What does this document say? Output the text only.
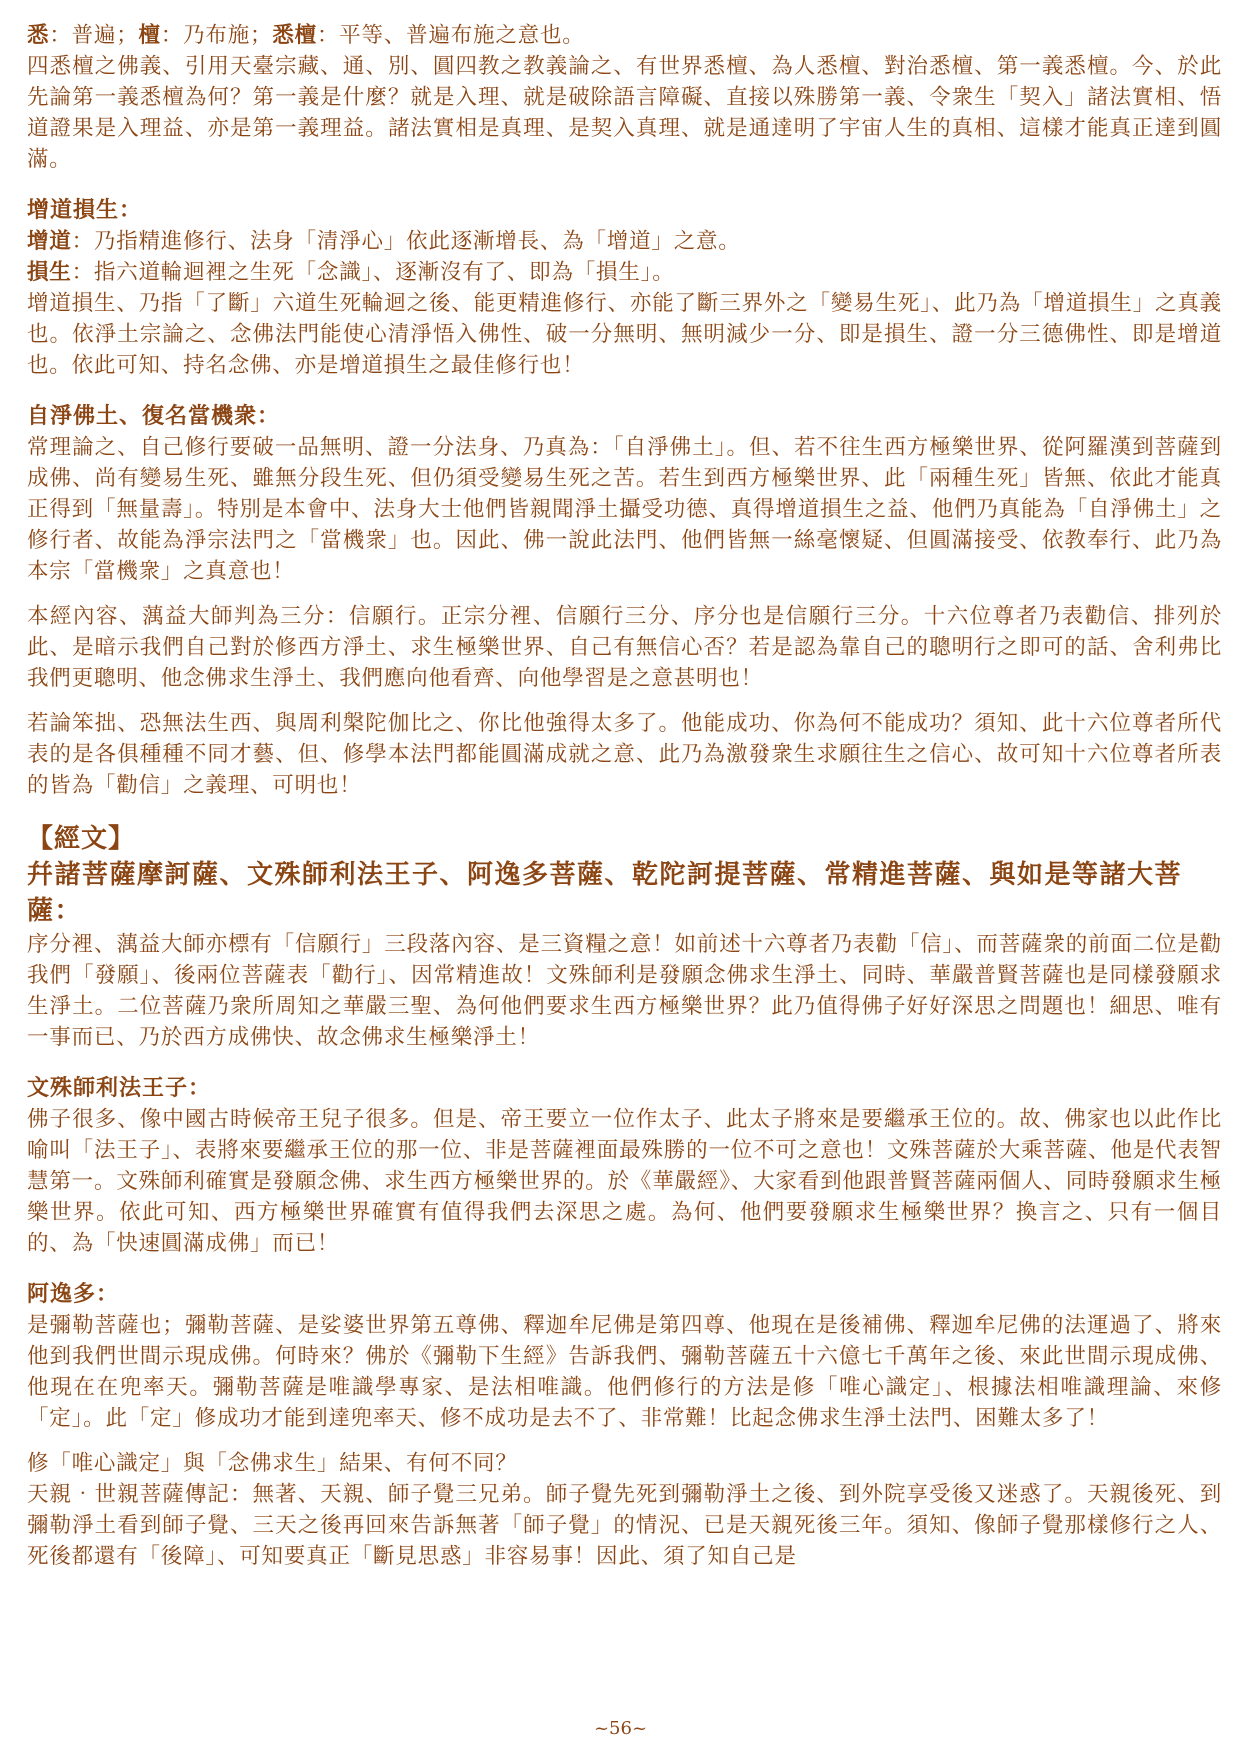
悉：普遍；檀：乃布施；悉檀：平等、普遍布施之意也。

四悉檀之佛義、引用天臺宗藏、通、別、圓四教之教義論之、有世界悉檀、為人悉檀、對治悉檀、第一義悉檀。今、於此先論第一義悉檀為何？第一義是什麼？就是入理、就是破除語言障礙、直接以殊勝第一義、令衆生「契入」諸法實相、悟道證果是入理益、亦是第一義理益。諸法實相是真理、是契入真理、就是通達明了宇宙人生的真相、這樣才能真正達到圓滿。

增道損生：

增道：乃指精進修行、法身「清淨心」依此逐漸增長、為「增道」之意。

損生：指六道輪迴裡之生死「念識」、逐漸沒有了、即為「損生」。

增道損生、乃指「了斷」六道生死輪迴之後、能更精進修行、亦能了斷三界外之「變易生死」、此乃為「增道損生」之真義也。依淨土宗論之、念佛法門能使心清淨悟入佛性、破一分無明、無明減少一分、即是損生、證一分三德佛性、即是增道也。依此可知、持名念佛、亦是增道損生之最佳修行也！

自淨佛土、復名當機衆：

常理論之、自己修行要破一品無明、證一分法身、乃真為：「自淨佛土」。但、若不往生西方極樂世界、從阿羅漢到菩薩到成佛、尚有變易生死、雖無分段生死、但仍須受變易生死之苦。若生到西方極樂世界、此「兩種生死」皆無、依此才能真正得到「無量壽」。特別是本會中、法身大士他們皆親聞淨土攝受功德、真得增道損生之益、他們乃真能為「自淨佛土」之修行者、故能為淨宗法門之「當機衆」也。因此、佛一說此法門、他們皆無一絲毫懷疑、但圓滿接受、依教奉行、此乃為本宗「當機衆」之真意也！

本經內容、蕅益大師判為三分：信願行。正宗分裡、信願行三分、序分也是信願行三分。十六位尊者乃表勸信、排列於此、是暗示我們自己對於修西方淨土、求生極樂世界、自己有無信心否？若是認為靠自己的聰明行之即可的話、舍利弗比我們更聰明、他念佛求生淨土、我們應向他看齊、向他學習是之意甚明也！

若論笨拙、恐無法生西、與周利槃陀伽比之、你比他強得太多了。他能成功、你為何不能成功？須知、此十六位尊者所代表的是各俱種種不同才藝、但、修學本法門都能圓滿成就之意、此乃為激發衆生求願往生之信心、故可知十六位尊者所表的皆為「勸信」之義理、可明也！

【經文】

幷諸菩薩摩訶薩、文殊師利法王子、阿逸多菩薩、乾陀訶提菩薩、常精進菩薩、與如是等諸大菩薩：

序分裡、蕅益大師亦標有「信願行」三段落內容、是三資糧之意！如前述十六尊者乃表勸「信」、而菩薩衆的前面二位是勸我們「發願」、後兩位菩薩表「勸行」、因常精進故！文殊師利是發願念佛求生淨土、同時、華嚴普賢菩薩也是同樣發願求生淨土。二位菩薩乃衆所周知之華嚴三聖、為何他們要求生西方極樂世界？此乃值得佛子好好深思之問題也！細思、唯有一事而已、乃於西方成佛快、故念佛求生極樂淨土！

文殊師利法王子：

佛子很多、像中國古時候帝王兒子很多。但是、帝王要立一位作太子、此太子將來是要繼承王位的。故、佛家也以此作比喻叫「法王子」、表將來要繼承王位的那一位、非是菩薩裡面最殊勝的一位不可之意也！文殊菩薩於大乘菩薩、他是代表智慧第一。文殊師利確實是發願念佛、求生西方極樂世界的。於《華嚴經》、大家看到他跟普賢菩薩兩個人、同時發願求生極樂世界。依此可知、西方極樂世界確實有值得我們去深思之處。為何、他們要發願求生極樂世界？換言之、只有一個目的、為「快速圓滿成佛」而已！

阿逸多：

是彌勒菩薩也；彌勒菩薩、是娑婆世界第五尊佛、釋迦牟尼佛是第四尊、他現在是後補佛、釋迦牟尼佛的法運過了、將來他到我們世間示現成佛。何時來？佛於《彌勒下生經》告訴我們、彌勒菩薩五十六億七千萬年之後、來此世間示現成佛、他現在在兜率天。彌勒菩薩是唯識學專家、是法相唯識。他們修行的方法是修「唯心識定」、根據法相唯識理論、來修「定」。此「定」修成功才能到達兜率天、修不成功是去不了、非常難！比起念佛求生淨土法門、困難太多了！

修「唯心識定」與「念佛求生」結果、有何不同？

天親‧世親菩薩傳記：無著、天親、師子覺三兄弟。師子覺先死到彌勒淨土之後、到外院享受後又迷惑了。天親後死、到彌勒淨土看到師子覺、三天之後再回來告訴無著「師子覺」的情況、已是天親死後三年。須知、像師子覺那樣修行之人、死後都還有「後障」、可知要真正「斷見思惑」非容易事！因此、須了知自己是

~56~
